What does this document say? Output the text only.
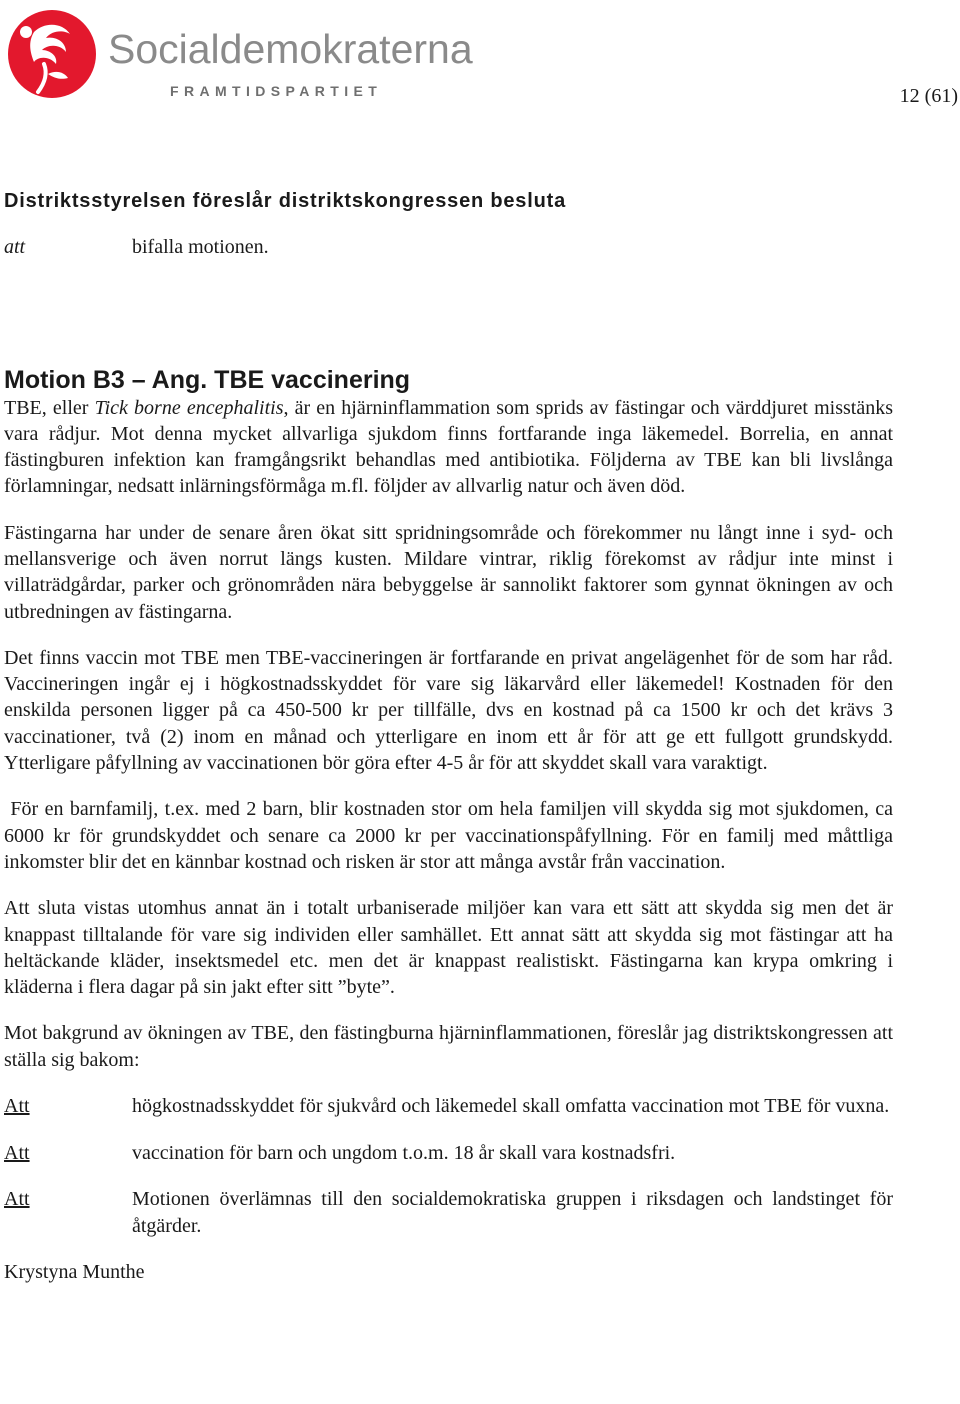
Socialdemokraterna
FRAMTIDSPARTIET	12 (61)
Distriktsstyrelsen föreslår distriktskongressen besluta
att	bifalla motionen.
Motion B3 – Ang. TBE vaccinering

TBE, eller Tick borne encephalitis, är en hjärninflammation som sprids av fästingar och värddjuret misstänks vara rådjur. Mot denna mycket allvarliga sjukdom finns fortfarande inga läkemedel. Borrelia, en annat fästingburen infektion kan framgångsrikt behandlas med antibiotika. Följderna av TBE kan bli livslånga förlamningar, nedsatt inlärningsförmåga m.fl. följder av allvarlig natur och även död.

Fästingarna har under de senare åren ökat sitt spridningsområde och förekommer nu långt inne i syd- och mellansverige och även norrut längs kusten. Mildare vintrar, riklig förekomst av rådjur inte minst i villaträdgårdar, parker och grönområden nära bebyggelse är sannolikt faktorer som gynnat ökningen av och utbredningen av fästingarna.

Det finns vaccin mot TBE men TBE-vaccineringen är fortfarande en privat angelägenhet för de som har råd. Vaccineringen ingår ej i högkostnadsskyddet för vare sig läkarvård eller läkemedel! Kostnaden för den enskilda personen ligger på ca 450-500 kr per tillfälle, dvs en kostnad på ca 1500 kr och det krävs 3 vaccinationer, två (2) inom en månad och ytterligare en inom ett år för att ge ett fullgott grundskydd. Ytterligare påfyllning av vaccinationen bör göra efter 4-5 år för att skyddet skall vara varaktigt.

För en barnfamilj, t.ex. med 2 barn, blir kostnaden stor om hela familjen vill skydda sig mot sjukdomen, ca 6000 kr för grundskyddet och senare ca 2000 kr per vaccinationspåfyllning. För en familj med måttliga inkomster blir det en kännbar kostnad och risken är stor att många avstår från vaccination.

Att sluta vistas utomhus annat än i totalt urbaniserade miljöer kan vara ett sätt att skydda sig men det är knappast tilltalande för vare sig individen eller samhället. Ett annat sätt att skydda sig mot fästingar att ha heltäckande kläder, insektsmedel etc. men det är knappast realistiskt. Fästingarna kan krypa omkring i kläderna i flera dagar på sin jakt efter sitt ”byte”.

Mot bakgrund av ökningen av TBE, den fästingburna hjärninflammationen, föreslår jag distriktskongressen att ställa sig bakom:

Att	högkostnadsskyddet för sjukvård och läkemedel skall omfatta vaccination mot TBE för vuxna.
Att	vaccination för barn och ungdom t.o.m. 18 år skall vara kostnadsfri.
Att	Motionen överlämnas till den socialdemokratiska gruppen i riksdagen och landstinget för åtgärder.
Krystyna Munthe
